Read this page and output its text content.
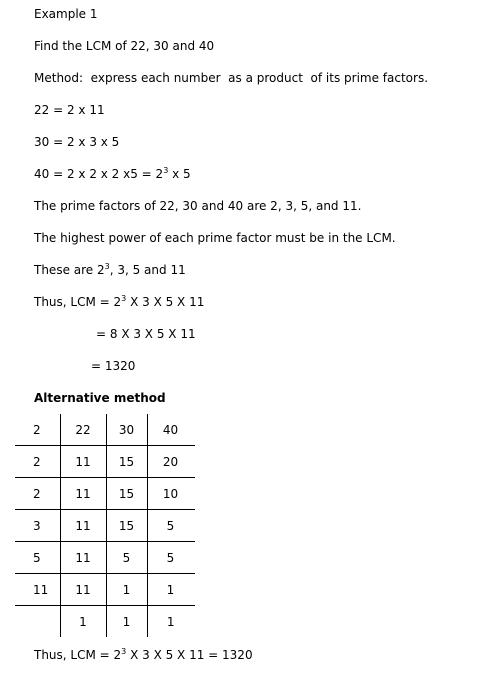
Example 1
Find the LCM of 22, 30 and 40
Method:  express each number  as a product  of its prime factors.
22 = 2 x 11
30 = 2 x 3 x 5
40 = 2 x 2 x 2 $x5 = 2^3$ x 5
The prime factors of 22, 30 and 40 are 2, 3, 5, and 11.
The highest power of each prime factor must be in the LCM.
These are $2^3$, 3, 5 and 11
Thus, LCM = $2^3$ X 3 X 5 X 11
= 8 X 3 X 5 X 11
= 1320
Alternative method
2	22	30	40
2	11	15	20
2	11	15	10
3	11	15	5
5	11	5	5
11	11	1	1
	1	1	1
Thus, LCM = $2^3$ X 3 X 5 X 11 = 1320
